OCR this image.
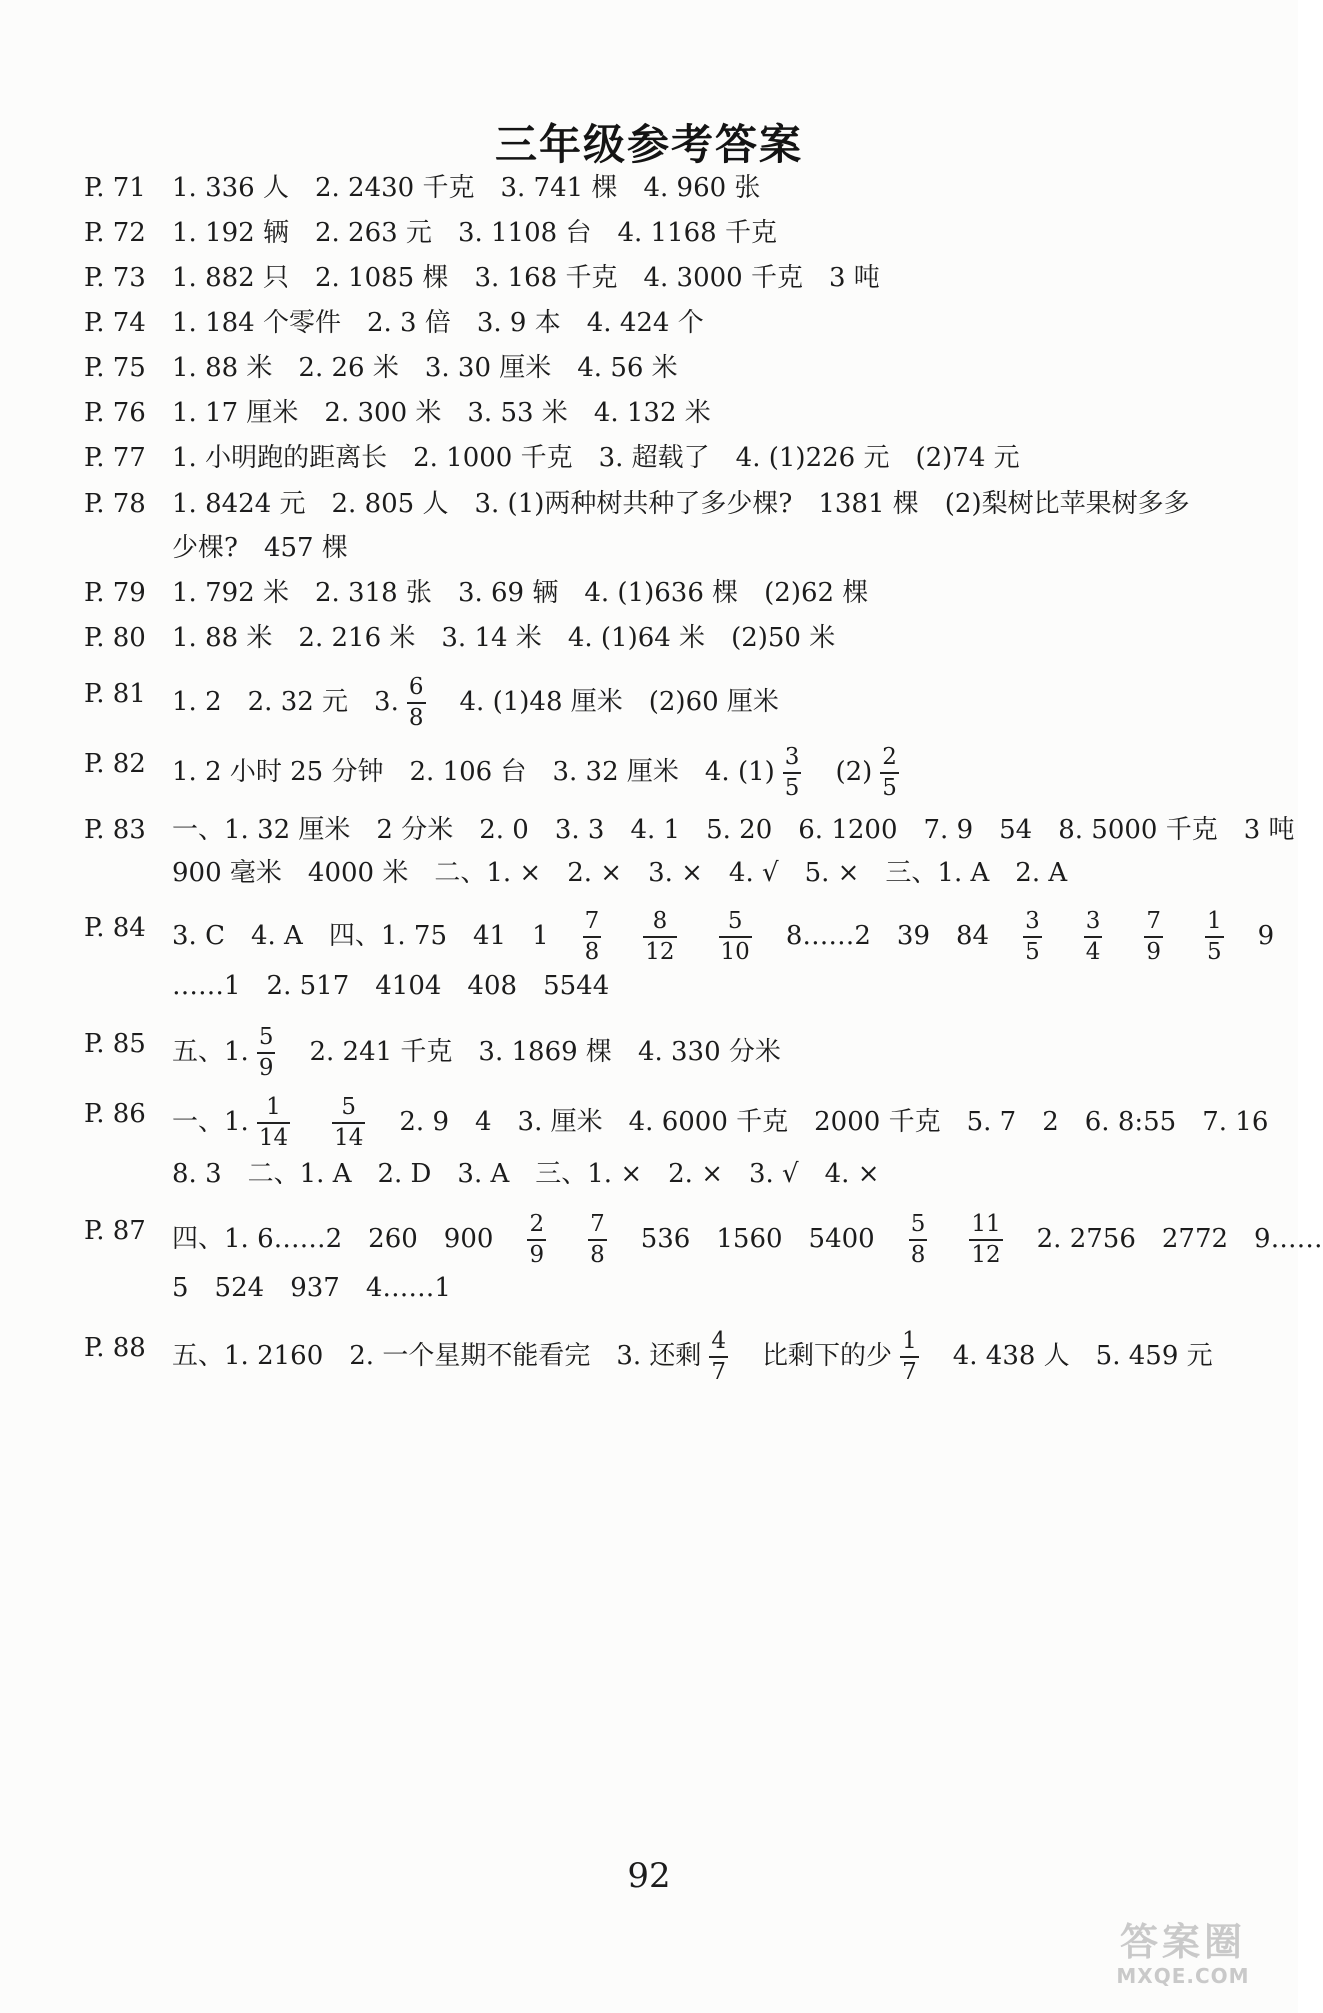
三年级参考答案
P. 71 1. 336 人 2. 2430 千克 3. 741 棵 4. 960 张
P. 72 1. 192 辆 2. 263 元 3. 1108 台 4. 1168 千克
P. 73 1. 882 只 2. 1085 棵 3. 168 千克 4. 3000 千克 3 吨
P. 74 1. 184 个零件 2. 3 倍 3. 9 本 4. 424 个
P. 75 1. 88 米 2. 26 米 3. 30 厘米 4. 56 米
P. 76 1. 17 厘米 2. 300 米 3. 53 米 4. 132 米
P. 77 1. 小明跑的距离长 2. 1000 千克 3. 超载了 4. (1)226 元 (2)74 元
P. 78 1. 8424 元 2. 805 人 3. (1)两种树共种了多少棵? 1381 棵 (2)梨树比苹果树多多
少棵? 457 棵
P. 79 1. 792 米 2. 318 张 3. 69 辆 4. (1)636 棵 (2)62 棵
P. 80 1. 88 米 2. 216 米 3. 14 米 4. (1)64 米 (2)50 米
P. 81 1. 2 2. 32 元 3. $\frac{6}{8} 4$. (1)48 厘米 (2)60 厘米
P. 82 1. 2 小时 25 分钟 2. 106 台 3. 32 厘米 4. $(1) \frac{3}{5} (2) \frac{2}{5}$
P. 83 一、1. 32 厘米 2 分米 2. 0 3. 3 4. 1 5. 20 6. 1200 7. 9 54 8. 5000 千克 3 吨
900 毫米 4000 米 二、1. × 2. × 3. × 4. √ 5. × 三、1. A 2. A
P. 84 3. C 4. A 四、1. 75 41 $1 \frac{7}{8} \frac{8}{12} \frac{5}{10}$ 8……2 39 $84 \frac{3}{5} \frac{3}{4} \frac{7}{9} \frac{1}{5} 9$
……1 2. 517 4104 408 5544
P. 85 五、1. $\frac{5}{9} 2$. 241 千克 3. 1869 棵 4. 330 分米
P. 86 一、1. $\frac{1}{14} \frac{5}{14} 2$. 9 4 3. 厘米 4. 6000 千克 2000 千克 5. 7 2 6. 8:55 7. 16
8. 3 二、1. A 2. D 3. A 三、1. × 2. × 3. √ 4. ×
P. 87 四、1. 6……2 260 $900 \frac{2}{9} \frac{7}{8} 536$ 1560 $5400 \frac{5}{8} \frac{11}{12} 2$. 2756 2772 9……
5 524 937 4……1
P. 88 五、1. 2160 2. 一个星期不能看完 3. 还剩 $\frac{4}{7}$ 比剩下的少 $\frac{1}{7} 4$. 438 人 5. 459 元
92
答案圈
MXQE.COM
